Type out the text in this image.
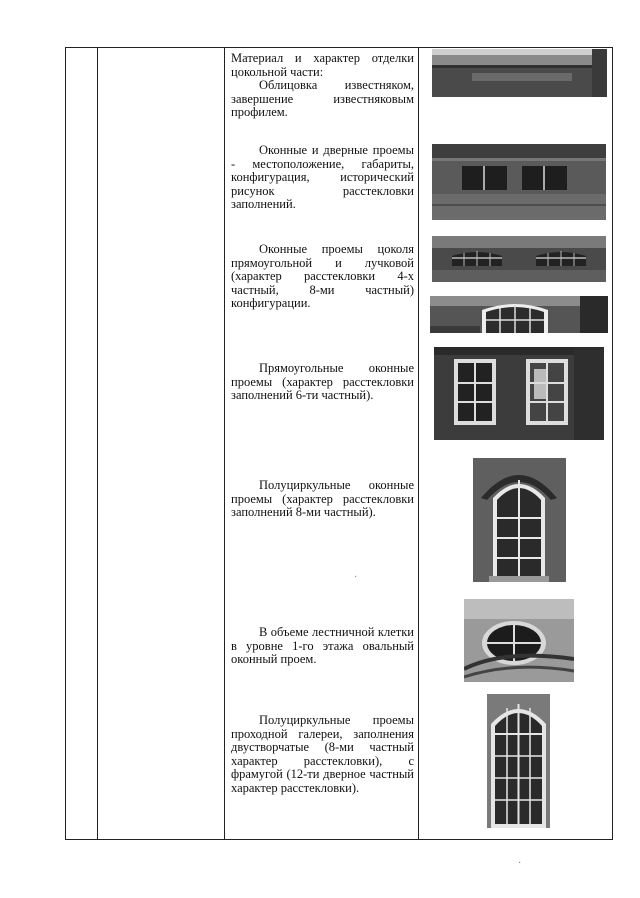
Материал и характер отделки цокольной части:

Облицовка известняком, завершение известняковым профилем.

Оконные и дверные проемы - местоположение, габариты, конфигурация, исторический рисунок расстекловки заполнений.

Оконные проемы цоколя прямоугольной и лучковой (характер расстекловки 4-х частный, 8-ми частный) конфигурации.

Прямоугольные оконные проемы (характер расстекловки заполнений 6-ти частный).

Полуциркульные оконные проемы (характер расстекловки заполнений 8-ми частный).

В объеме лестничной клетки в уровне 1-го этажа овальный оконный проем.

Полуциркульные проемы проходной галереи, заполнения двустворчатые (8-ми частный характер расстекловки), с фрамугой (12-ти дверное частный характер расстекловки).

·
·
